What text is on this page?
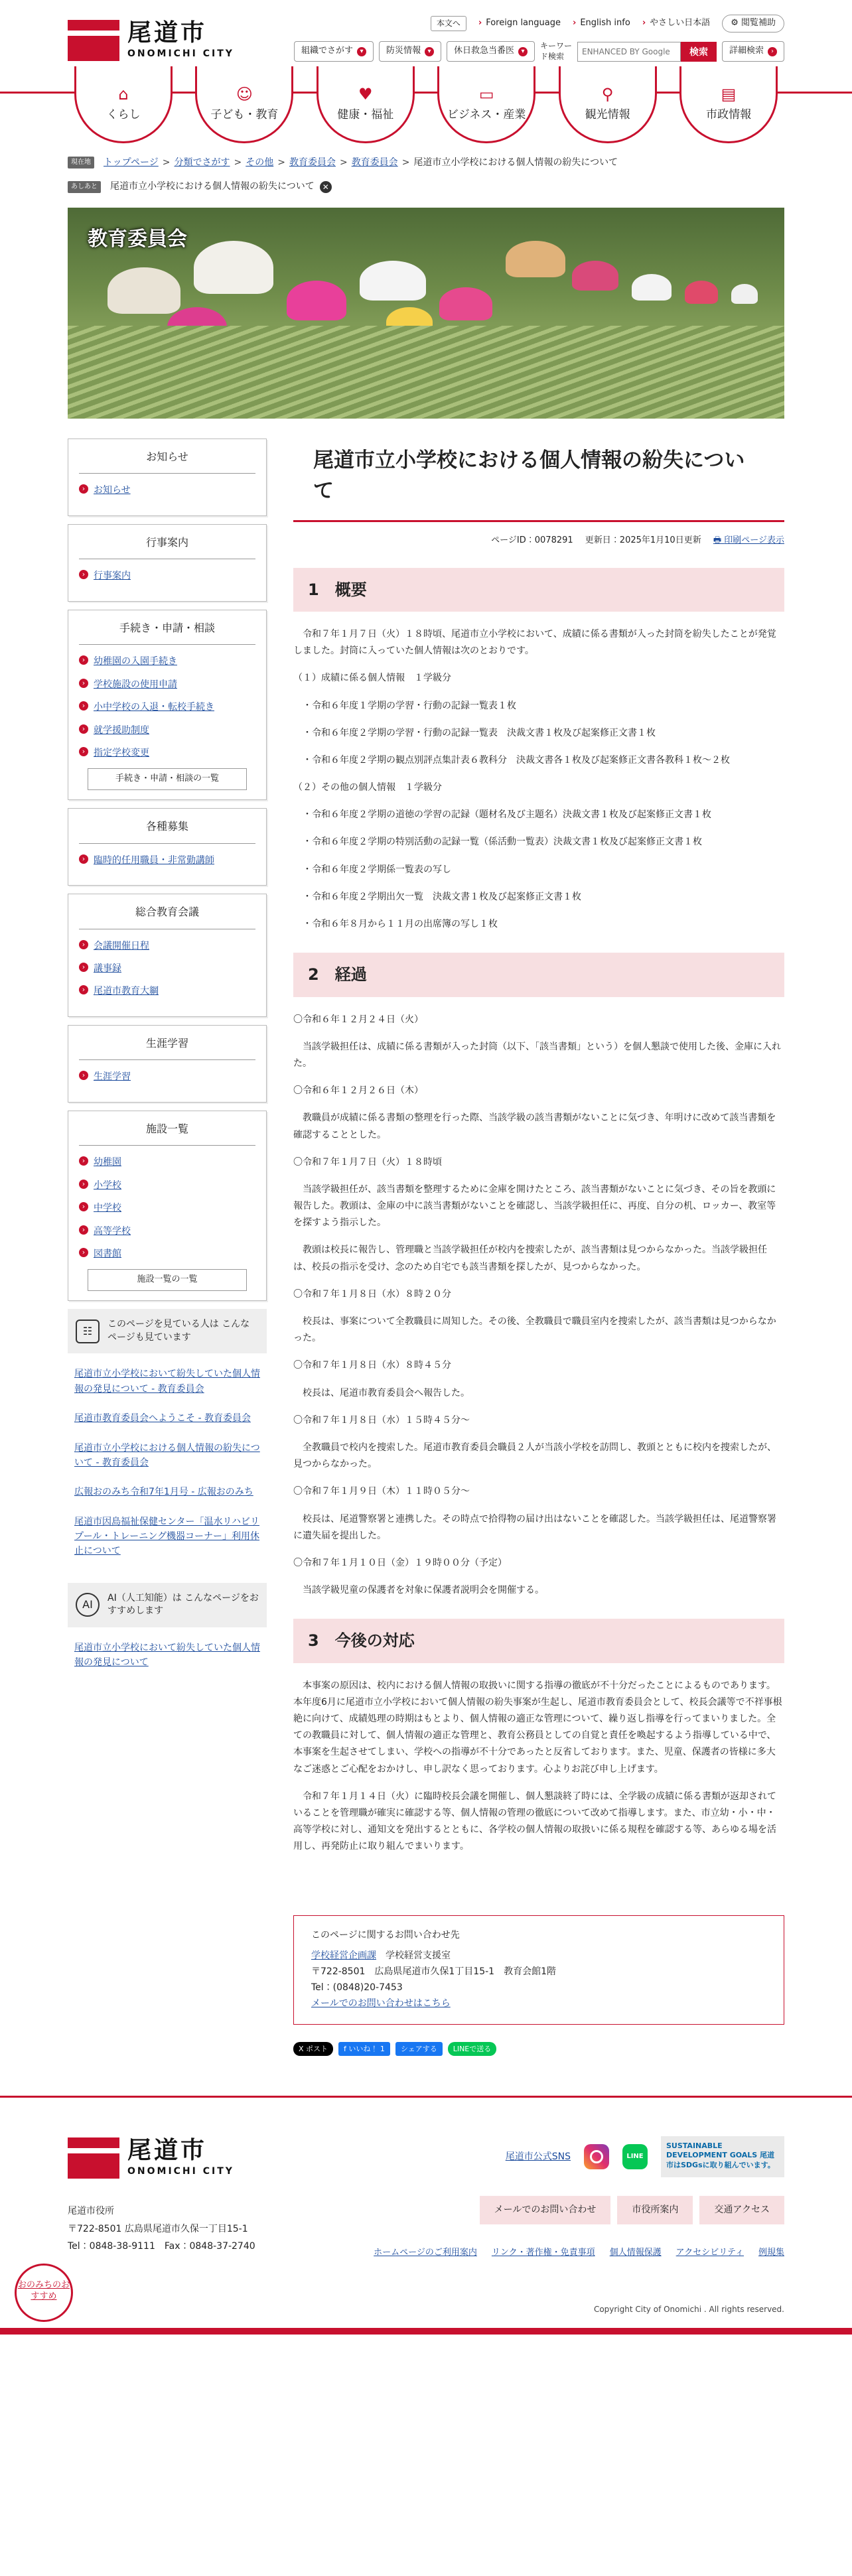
尾道市
ONOMICHI CITY
本文へ	› Foreign language	› English info	› やさしい日本語	⚙ 閲覧補助
組織でさがす	▾	防災情報	▾	休日救急当番医	▾
キーワード検索
ENHANCED BY Google	検索	詳細検索	›
⌂
くらし
☺
子ども・教育
♥
健康・福祉
▭
ビジネス・産業
⚲
観光情報
▤
市政情報
現在地	トップページ > 分類でさがす > その他 > 教育委員会 > 教育委員会 > 尾道市立小学校における個人情報の紛失について
あしあと	尾道市立小学校における個人情報の紛失について ✕
教育委員会
お知らせ
› お知らせ
行事案内
› 行事案内
手続き・申請・相談
› 幼稚園の入園手続き
› 学校施設の使用申請
› 小中学校の入退・転校手続き
› 就学援助制度
› 指定学校変更
手続き・申請・相談の一覧
各種募集
› 臨時的任用職員・非常勤講師
総合教育会議
› 会議開催日程
› 議事録
› 尾道市教育大綱
生涯学習
› 生涯学習
施設一覧
› 幼稚園
› 小学校
› 中学校
› 高等学校
› 図書館
施設一覧の一覧
☷
このページを見ている人は こんなページも見ています
尾道市立小学校において紛失していた個人情報の発見について - 教育委員会
尾道市教育委員会へようこそ - 教育委員会
尾道市立小学校における個人情報の紛失について - 教育委員会
広報おのみち令和7年1月号 - 広報おのみち
尾道市因島福祉保健センター「温水リハビリプール・トレーニング機器コーナー」利用休止について
AI
AI（人工知能）は こんなページをおすすめします
尾道市立小学校において紛失していた個人情報の発見について
尾道市立小学校における個人情報の紛失について
ページID：0078291 更新日：2025年1月10日更新 🖶 印刷ページ表示
1　概要

令和７年１月７日（火）１８時頃、尾道市立小学校において、成績に係る書類が入った封筒を紛失したことが発覚しました。封筒に入っていた個人情報は次のとおりです。

（１）成績に係る個人情報　１学級分

・令和６年度１学期の学習・行動の記録一覧表１枚

・令和６年度２学期の学習・行動の記録一覧表　決裁文書１枚及び起案修正文書１枚

・令和６年度２学期の観点別評点集計表６教科分　決裁文書各１枚及び起案修正文書各教科１枚～２枚

（２）その他の個人情報　１学級分

・令和６年度２学期の道徳の学習の記録（題材名及び主題名）決裁文書１枚及び起案修正文書１枚

・令和６年度２学期の特別活動の記録一覧（係活動一覧表）決裁文書１枚及び起案修正文書１枚

・令和６年度２学期係一覧表の写し

・令和６年度２学期出欠一覧　決裁文書１枚及び起案修正文書１枚

・令和６年８月から１１月の出席簿の写し１枚

2　経過

〇令和６年１２月２４日（火）

当該学級担任は、成績に係る書類が入った封筒（以下、「該当書類」という）を個人懇談で使用した後、金庫に入れた。

〇令和６年１２月２６日（木）

教職員が成績に係る書類の整理を行った際、当該学級の該当書類がないことに気づき、年明けに改めて該当書類を確認することとした。

〇令和７年１月７日（火）１８時頃

当該学級担任が、該当書類を整理するために金庫を開けたところ、該当書類がないことに気づき、その旨を教頭に報告した。教頭は、金庫の中に該当書類がないことを確認し、当該学級担任に、再度、自分の机、ロッカー、教室等を探すよう指示した。

教頭は校長に報告し、管理職と当該学級担任が校内を捜索したが、該当書類は見つからなかった。当該学級担任は、校長の指示を受け、念のため自宅でも該当書類を探したが、見つからなかった。

〇令和７年１月８日（水）８時２０分

校長は、事案について全教職員に周知した。その後、全教職員で職員室内を捜索したが、該当書類は見つからなかった。

〇令和７年１月８日（水）８時４５分

校長は、尾道市教育委員会へ報告した。

〇令和７年１月８日（水）１５時４５分～

全教職員で校内を捜索した。尾道市教育委員会職員２人が当該小学校を訪問し、教頭とともに校内を捜索したが、見つからなかった。

〇令和７年１月９日（木）１１時０５分～

校長は、尾道警察署と連携した。その時点で拾得物の届け出はないことを確認した。当該学級担任は、尾道警察署に遺失届を提出した。

〇令和７年１月１０日（金）１９時００分（予定）

当該学級児童の保護者を対象に保護者説明会を開催する。

3　今後の対応

本事案の原因は、校内における個人情報の取扱いに関する指導の徹底が不十分だったことによるものであります。本年度6月に尾道市立小学校において個人情報の紛失事案が生起し、尾道市教育委員会として、校長会議等で不祥事根絶に向けて、成績処理の時期はもとより、個人情報の適正な管理について、繰り返し指導を行ってまいりました。全ての教職員に対して、個人情報の適正な管理と、教育公務員としての自覚と責任を喚起するよう指導している中で、本事案を生起させてしまい、学校への指導が不十分であったと反省しております。また、児童、保護者の皆様に多大なご迷惑とご心配をおかけし、申し訳なく思っております。心よりお詫び申し上げます。

令和７年１月１４日（火）に臨時校長会議を開催し、個人懇談終了時には、全学級の成績に係る書類が返却されていることを管理職が確実に確認する等、個人情報の管理の徹底について改めて指導します。また、市立幼・小・中・高等学校に対し、通知文を発出するとともに、各学校の個人情報の取扱いに係る規程を確認する等、あらゆる場を活用し、再発防止に取り組んでまいります。

このページに関するお問い合わせ先
学校経営企画課　 学校経営支援室
〒722-8501　広島県尾道市久保1丁目15-1　教育会館1階
Tel：(0848)20-7453
メールでのお問い合わせはこちら
X ポスト	f いいね！ 1	シェアする	LINEで送る
尾道市
ONOMICHI CITY
尾道市役所
〒722-8501 広島県尾道市久保一丁目15-1
Tel：0848-38-9111　Fax：0848-37-2740
尾道市公式SNS	LINE
SUSTAINABLE DEVELOPMENT GOALS 尾道市はSDGsに取り組んでいます。
メールでのお問い合わせ	市役所案内	交通アクセス
ホームページのご利用案内 リンク・著作権・免責事項 個人情報保護 アクセシビリティ 例規集
おのみちのおすすめ
Copyright City of Onomichi . All rights reserved.
